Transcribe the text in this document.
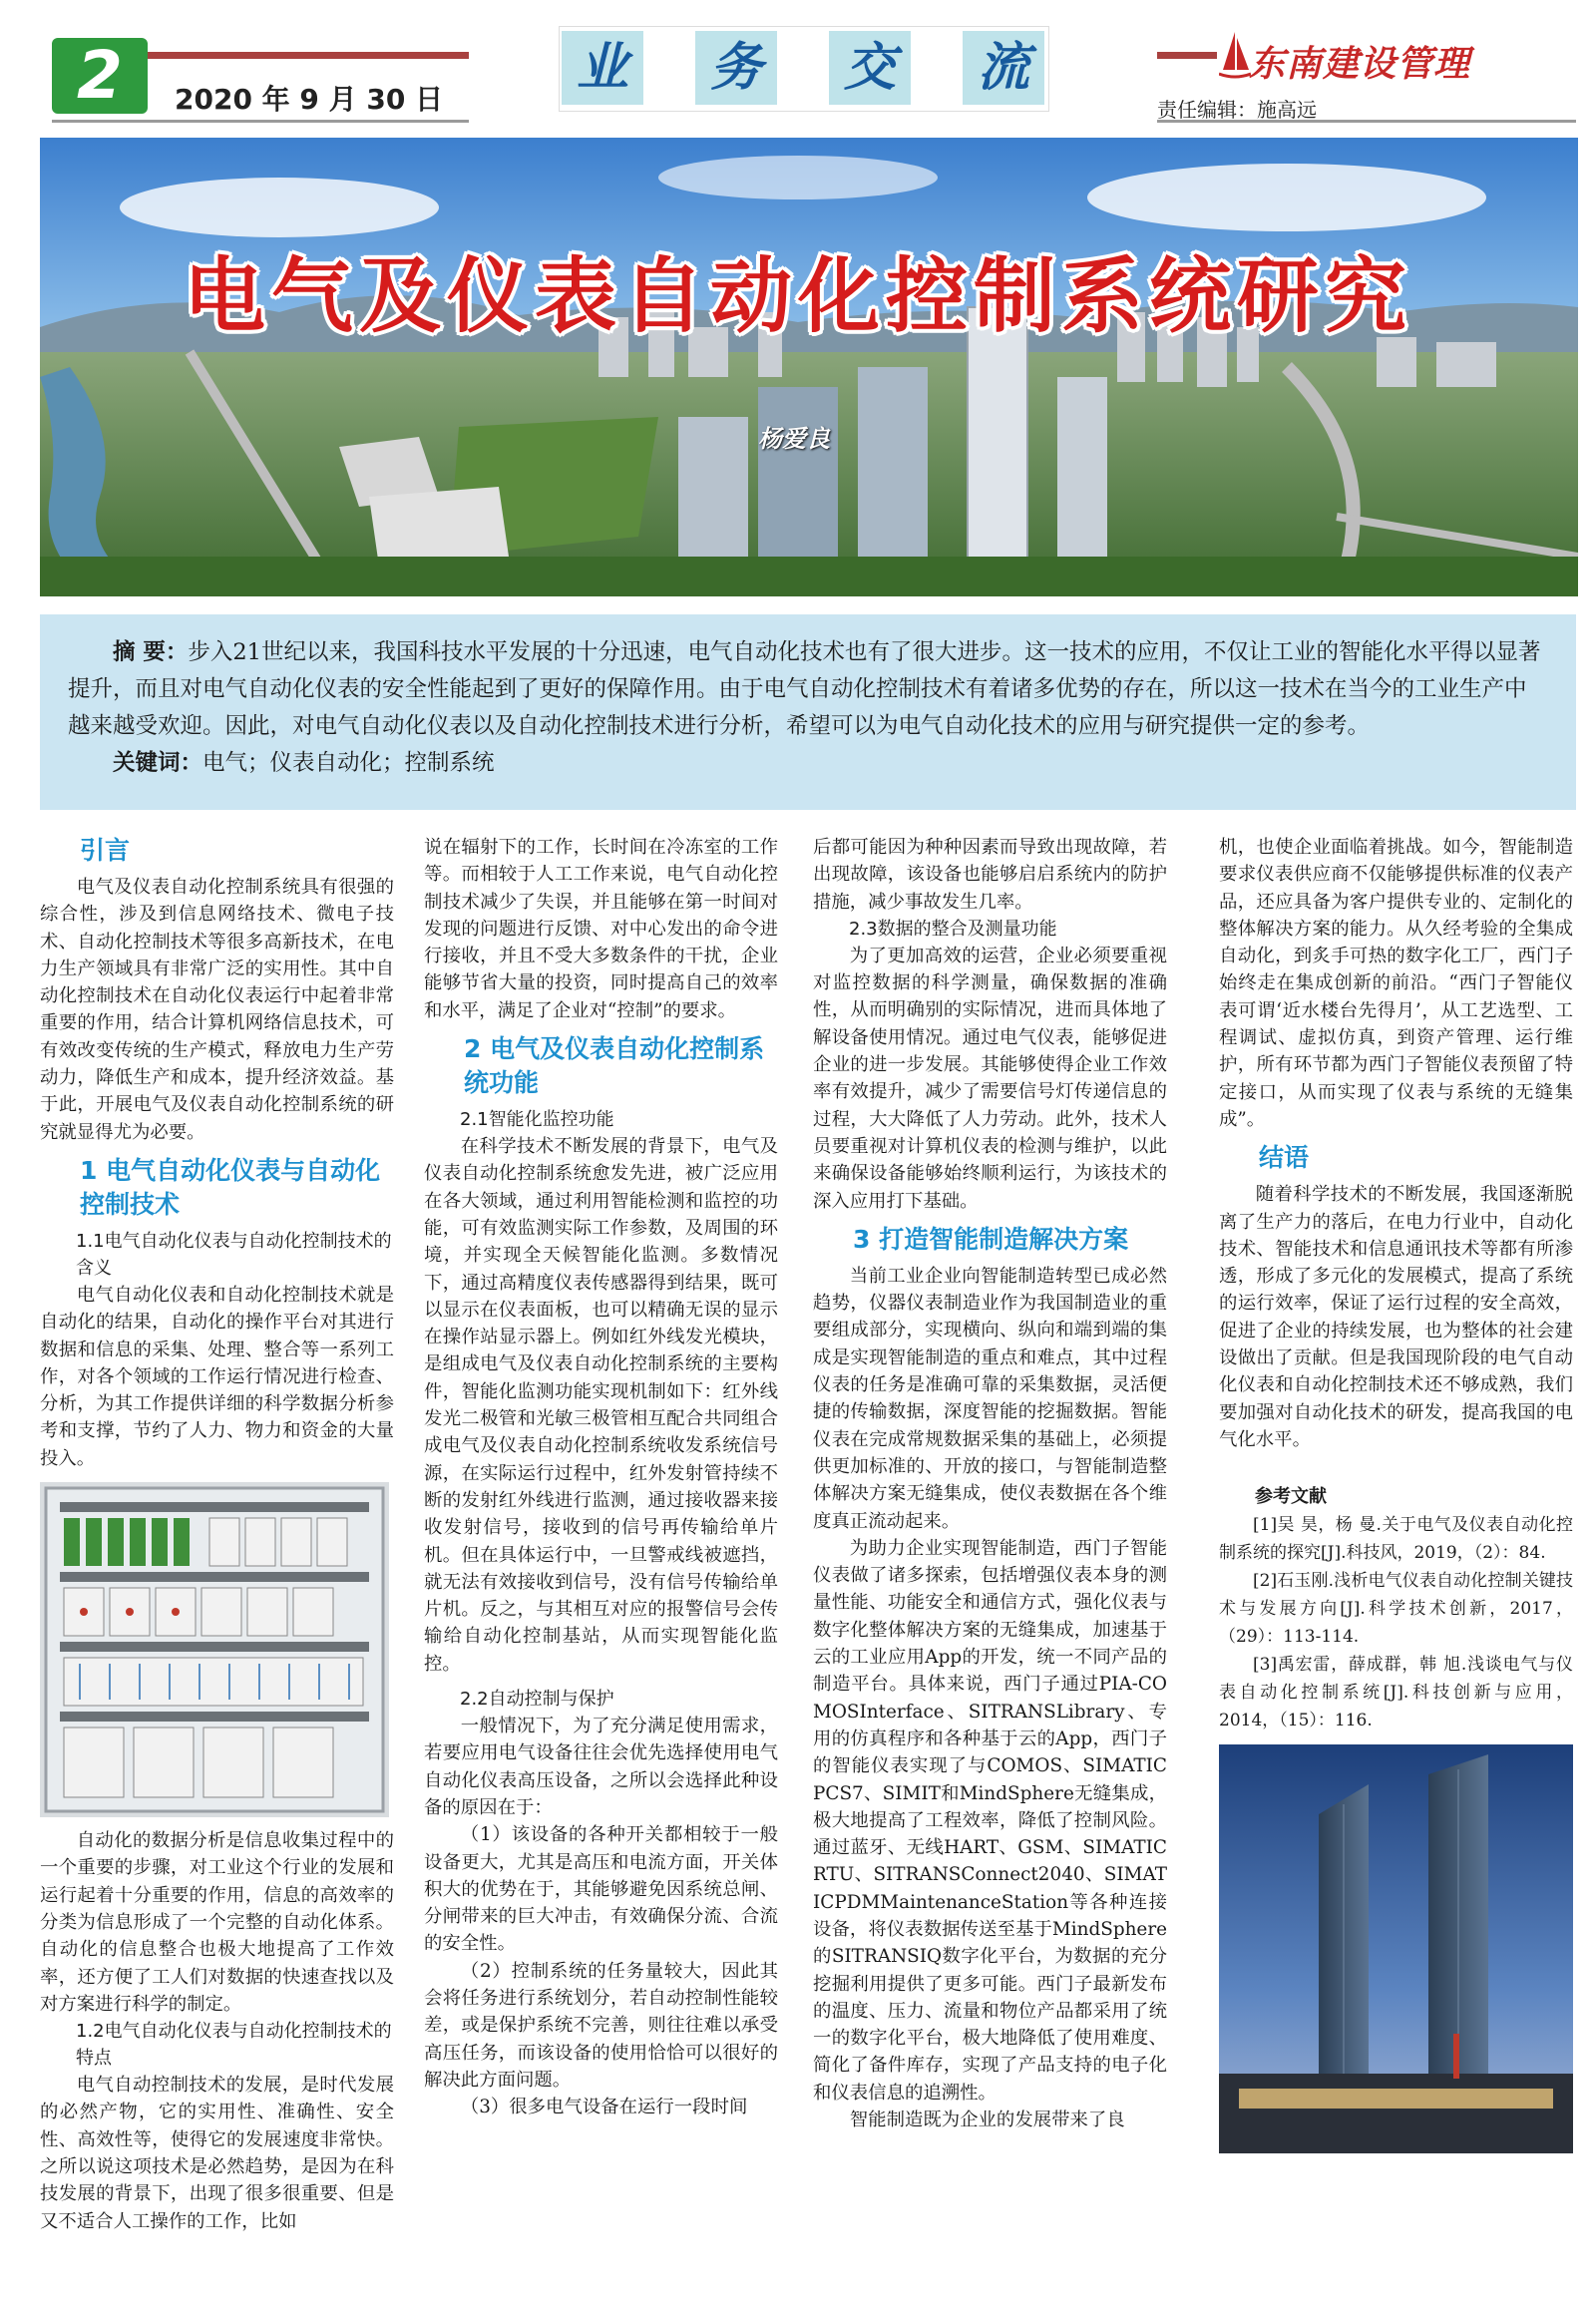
2	2020 年 9 月 30 日
业 务 交 流	东南建设管理
责任编辑：施高远
电气及仪表自动化控制系统研究
杨爱良

摘 要：步入21世纪以来，我国科技水平发展的十分迅速，电气自动化技术也有了很大进步。这一技术的应用，不仅让工业的智能化水平得以显著提升，而且对电气自动化仪表的安全性能起到了更好的保障作用。由于电气自动化控制技术有着诸多优势的存在，所以这一技术在当今的工业生产中越来越受欢迎。因此，对电气自动化仪表以及自动化控制技术进行分析，希望可以为电气自动化技术的应用与研究提供一定的参考。

关键词：电气；仪表自动化；控制系统

引言

电气及仪表自动化控制系统具有很强的综合性，涉及到信息网络技术、微电子技术、自动化控制技术等很多高新技术，在电力生产领域具有非常广泛的实用性。其中自动化控制技术在自动化仪表运行中起着非常重要的作用，结合计算机网络信息技术，可有效改变传统的生产模式，释放电力生产劳动力，降低生产和成本，提升经济效益。基于此，开展电气及仪表自动化控制系统的研究就显得尤为必要。

1 电气自动化仪表与自动化控制技术
1.1电气自动化仪表与自动化控制技术的含义

电气自动化仪表和自动化控制技术就是自动化的结果，自动化的操作平台对其进行数据和信息的采集、处理、整合等一系列工作，对各个领域的工作运行情况进行检查、分析，为其工作提供详细的科学数据分析参考和支撑，节约了人力、物力和资金的大量投入。

自动化的数据分析是信息收集过程中的一个重要的步骤，对工业这个行业的发展和运行起着十分重要的作用，信息的高效率的分类为信息形成了一个完整的自动化体系。自动化的信息整合也极大地提高了工作效率，还方便了工人们对数据的快速查找以及对方案进行科学的制定。

1.2电气自动化仪表与自动化控制技术的特点

电气自动控制技术的发展，是时代发展的必然产物，它的实用性、准确性、安全性、高效性等，使得它的发展速度非常快。之所以说这项技术是必然趋势，是因为在科技发展的背景下，出现了很多很重要、但是又不适合人工操作的工作，比如

说在辐射下的工作，长时间在冷冻室的工作等。而相较于人工工作来说，电气自动化控制技术减少了失误，并且能够在第一时间对发现的问题进行反馈、对中心发出的命令进行接收，并且不受大多数条件的干扰，企业能够节省大量的投资，同时提高自己的效率和水平，满足了企业对“控制”的要求。

2 电气及仪表自动化控制系统功能
2.1智能化监控功能

在科学技术不断发展的背景下，电气及仪表自动化控制系统愈发先进，被广泛应用在各大领域，通过利用智能检测和监控的功能，可有效监测实际工作参数，及周围的环境，并实现全天候智能化监测。多数情况下，通过高精度仪表传感器得到结果，既可以显示在仪表面板，也可以精确无误的显示在操作站显示器上。例如红外线发光模块，是组成电气及仪表自动化控制系统的主要构件，智能化监测功能实现机制如下：红外线发光二极管和光敏三极管相互配合共同组合成电气及仪表自动化控制系统收发系统信号源，在实际运行过程中，红外发射管持续不断的发射红外线进行监测，通过接收器来接收发射信号，接收到的信号再传输给单片机。但在具体运行中，一旦警戒线被遮挡，就无法有效接收到信号，没有信号传输给单片机。反之，与其相互对应的报警信号会传输给自动化控制基站，从而实现智能化监控。

2.2自动控制与保护

一般情况下，为了充分满足使用需求，若要应用电气设备往往会优先选择使用电气自动化仪表高压设备，之所以会选择此种设备的原因在于：

（1）该设备的各种开关都相较于一般设备更大，尤其是高压和电流方面，开关体积大的优势在于，其能够避免因系统总闸、分闸带来的巨大冲击，有效确保分流、合流的安全性。

（2）控制系统的任务量较大，因此其会将任务进行系统划分，若自动控制性能较差，或是保护系统不完善，则往往难以承受高压任务，而该设备的使用恰恰可以很好的解决此方面问题。

（3）很多电气设备在运行一段时间

后都可能因为种种因素而导致出现故障，若出现故障，该设备也能够启启系统内的防护措施，减少事故发生几率。

2.3数据的整合及测量功能

为了更加高效的运营，企业必须要重视对监控数据的科学测量，确保数据的准确性，从而明确别的实际情况，进而具体地了解设备使用情况。通过电气仪表，能够促进企业的进一步发展。其能够使得企业工作效率有效提升，减少了需要信号灯传递信息的过程，大大降低了人力劳动。此外，技术人员要重视对计算机仪表的检测与维护，以此来确保设备能够始终顺利运行，为该技术的深入应用打下基础。

3 打造智能制造解决方案

当前工业企业向智能制造转型已成必然趋势，仪器仪表制造业作为我国制造业的重要组成部分，实现横向、纵向和端到端的集成是实现智能制造的重点和难点，其中过程仪表的任务是准确可靠的采集数据，灵活便捷的传输数据，深度智能的挖掘数据。智能仪表在完成常规数据采集的基础上，必须提供更加标准的、开放的接口，与智能制造整体解决方案无缝集成，使仪表数据在各个维度真正流动起来。

为助力企业实现智能制造，西门子智能仪表做了诸多探索，包括增强仪表本身的测量性能、功能安全和通信方式，强化仪表与数字化整体解决方案的无缝集成，加速基于云的工业应用App的开发，统一不同产品的制造平台。具体来说，西门子通过PIA-COMOSInterface、SITRANSLibrary、专用的仿真程序和各种基于云的App，西门子的智能仪表实现了与COMOS、SIMATICPCS7、SIMIT和MindSphere无缝集成，极大地提高了工程效率，降低了控制风险。通过蓝牙、无线HART、GSM、SIMATICRTU、SITRANSConnect2040、SIMATICPDMMaintenanceStation等各种连接设备，将仪表数据传送至基于MindSphere的SITRANSIQ数字化平台，为数据的充分挖掘利用提供了更多可能。西门子最新发布的温度、压力、流量和物位产品都采用了统一的数字化平台，极大地降低了使用难度、简化了备件库存，实现了产品支持的电子化和仪表信息的追溯性。

智能制造既为企业的发展带来了良

机，也使企业面临着挑战。如今，智能制造要求仪表供应商不仅能够提供标准的仪表产品，还应具备为客户提供专业的、定制化的整体解决方案的能力。从久经考验的全集成自动化，到炙手可热的数字化工厂，西门子始终走在集成创新的前沿。“西门子智能仪表可谓‘近水楼台先得月’，从工艺选型、工程调试、虚拟仿真，到资产管理、运行维护，所有环节都为西门子智能仪表预留了特定接口，从而实现了仪表与系统的无缝集成”。

结语

随着科学技术的不断发展，我国逐渐脱离了生产力的落后，在电力行业中，自动化技术、智能技术和信息通讯技术等都有所渗透，形成了多元化的发展模式，提高了系统的运行效率，保证了运行过程的安全高效，促进了企业的持续发展，也为整体的社会建设做出了贡献。但是我国现阶段的电气自动化仪表和自动化控制技术还不够成熟，我们要加强对自动化技术的研发，提高我国的电气化水平。

参考文献

[1]吴 昊，杨 曼.关于电气及仪表自动化控制系统的探究[J].科技风，2019，（2）：84.

[2]石玉刚.浅析电气仪表自动化控制关键技术与发展方向[J].科学技术创新，2017，（29）：113-114.

[3]禹宏雷，薛成群，韩 旭.浅谈电气与仪表自动化控制系统[J].科技创新与应用，2014，（15）：116.
